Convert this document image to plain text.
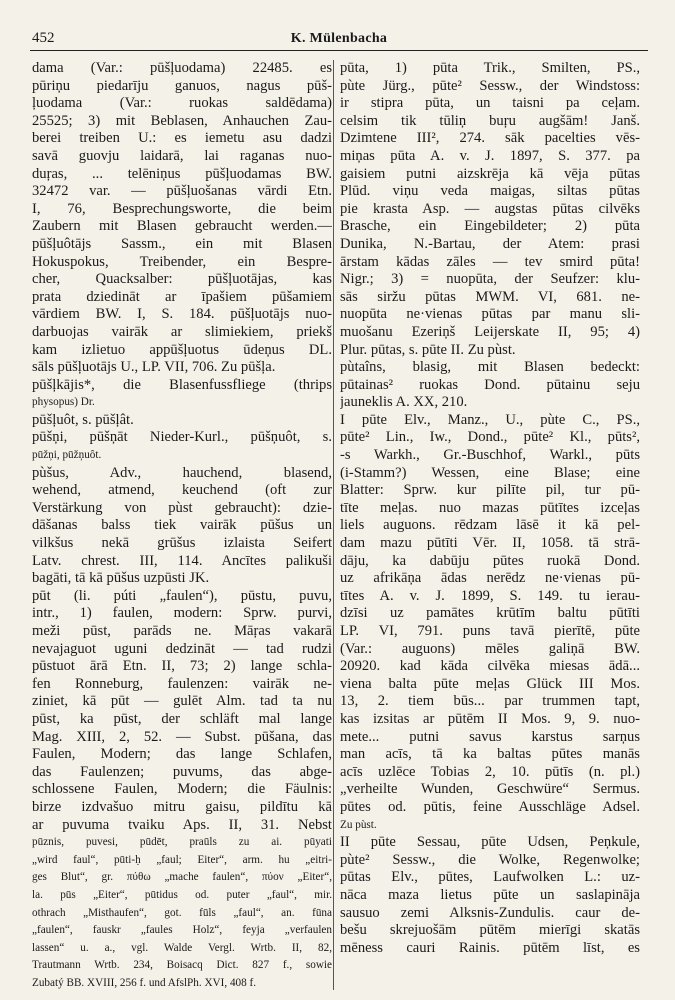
452	K. Mülenbacha
dama (Var.: pūšļuodama) 22485. es
pūriņu piedarīju ganuos, nagus pūš-
ļuodama (Var.: ruokas saldēdama)
25525; 3) mit Beblasen, Anhauchen Zau-
berei treiben U.: es iemetu asu dadzi
savā guovju laidarā, lai raganas nuo-
duŗas, ... telēniņus pūšļuodamas BW.
32472 var. — pūšļuošanas vārdi Etn.
I, 76, Besprechungsworte, die beim
Zaubern mit Blasen gebraucht werden.—
pūšļuôtājs Sassm., ein mit Blasen
Hokuspokus, Treibender, ein Bespre-
cher, Quacksalber: pūšļuotājas, kas
prata dziedināt ar īpašiem pūšamiem
vārdiem BW. I, S. 184. pūšļuotājs nuo-
darbuojas vairāk ar slimiekiem, priekš
kam izlietuo appūšļuotus ūdeņus DL.
sāls pūšļuotājs U., LP. VII, 706. Zu pūšļa.
pūšļkājis*, die Blasenfussfliege (thrips
physopus) Dr.
pūšļuôt, s. pūšļât.
pūšņi, pūšņāt Nieder-Kurl., pūšņuôt, s.
pūžņi, pūžņuôt.
pùšus, Adv., hauchend, blasend,
wehend, atmend, keuchend (oft zur
Verstärkung von pùst gebraucht): dzie-
dāšanas balss tiek vairāk pūšus un
vilkšus nekā grūšus izlaista Seifert
Latv. chrest. III, 114. Ancītes palikuši
bagāti, tā kā pūšus uzpūsti JK.
pūt (li. púti „faulen“), pūstu, puvu,
intr., 1) faulen, modern: Sprw. purvi,
meži pūst, parāds ne. Māŗas vakarā
nevajaguot uguni dedzināt — tad rudzi
pūstuot ārā Etn. II, 73; 2) lange schla-
fen Ronneburg, faulenzen: vairāk ne-
ziniet, kā pūt — gulēt Alm. tad ta nu
pūst, ka pūst, der schläft mal lange
Mag. XIII, 2, 52. — Subst. pūšana, das
Faulen, Modern; das lange Schlafen,
das Faulenzen; puvums, das abge-
schlossene Faulen, Modern; die Fäulnis:
birze izdvašuo mitru gaisu, pildītu kā
ar puvuma tvaiku Aps. II, 31. Nebst
pūznis, puvesi, pūdēt, praūls zu ai. pūyati
„wird faul“, pūti-ḥ „faul; Eiter“, arm. hu „eitri-
ges Blut“, gr. πύθω „mache faulen“, πύον „Eiter“,
la. pūs „Eiter“, pūtidus od. puter „faul“, mir.
othrach „Misthaufen“, got. fūls „faul“, an. fūna
„faulen“, fauskr „faules Holz“, feyja „verfaulen
lassen“ u. a., vgl. Walde Vergl. Wrtb. II, 82,
Trautmann Wrtb. 234, Boisacq Dict. 827 f., sowie
Zubatý BB. XVIII, 256 f. und AfslPh. XVI, 408 f.
pūta, 1) pūta Trik., Smilten, PS.,
pùte Jürg., pūte² Sessw., der Windstoss:
ir stipra pūta, un taisni pa ceļam.
celsim tik tūliņ buŗu augšām! Janš.
Dzimtene III², 274. sāk pacelties vēs-
miņas pūta A. v. J. 1897, S. 377. pa
gaisiem putni aizskrēja kā vēja pūtas
Plūd. viņu veda maigas, siltas pūtas
pie krasta Asp. — augstas pūtas cilvēks
Brasche, ein Eingebildeter; 2) pūta
Dunika, N.-Bartau, der Atem: prasi
ārstam kādas zāles — tev smird pūta!
Nigr.; 3) = nuopūta, der Seufzer: klu-
sās siržu pūtas MWM. VI, 681. ne-
nuopūta ne·vienas pūtas par manu sli-
muošanu Ezeriņš Leijerskate II, 95; 4)
Plur. pūtas, s. pūte II. Zu pùst.
pùtaîns, blasig, mit Blasen bedeckt:
pūtainas² ruokas Dond. pūtainu seju
jauneklis A. XX, 210.
I pūte Elv., Manz., U., pùte C., PS.,
pūte² Lin., Iw., Dond., pūte² Kl., pūts²,
-s Warkh., Gr.-Buschhof, Warkl., pūts
(i-Stamm?) Wessen, eine Blase; eine
Blatter: Sprw. kur pilīte pil, tur pū-
tīte meļas. nuo mazas pūtītes izceļas
liels auguons. rēdzam lāsē it kā pel-
dam mazu pūtīti Vēr. II, 1058. tā strā-
dāju, ka dabūju pūtes ruokā Dond.
uz afrikāņa ādas nerēdz ne·vienas pū-
tītes A. v. J. 1899, S. 149. tu ierau-
dzīsi uz pamātes krūtīm baltu pūtīti
LP. VI, 791. puns tavā pierītē, pūte
(Var.: auguons) mēles galiņā BW.
20920. kad kāda cilvēka miesas ādā...
viena balta pūte meļas Glück III Mos.
13, 2. tiem būs... par trummen tapt,
kas izsitas ar pūtēm II Mos. 9, 9. nuo-
mete... putni savus karstus sarņus
man acīs, tā ka baltas pūtes manās
acīs uzlēce Tobias 2, 10. pūtīs (n. pl.)
„verheilte Wunden, Geschwüre“ Sermus.
pūtes od. pūtis, feine Ausschläge Adsel.
Zu pùst.
II pūte Sessau, pūte Udsen, Peņkule,
pùte² Sessw., die Wolke, Regenwolke;
pūtas Elv., pūtes, Laufwolken L.: uz-
nāca maza lietus pūte un saslapināja
sausuo zemi Alksnis-Zundulis. caur de-
bešu skrejuošām pūtēm mierīgi skatās
mēness cauri Rainis. pūtēm līst, es
